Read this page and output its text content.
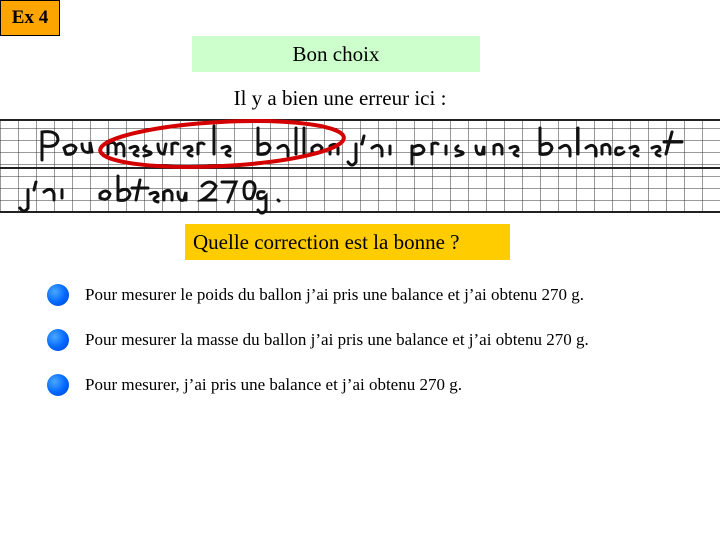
Ex 4
Bon choix
Il y a bien une erreur ici :
Quelle correction est la bonne ?
Pour mesurer le poids du ballon j’ai pris une balance et j’ai obtenu 270 g.
Pour mesurer la masse du ballon j’ai pris une balance et j’ai obtenu 270 g.
Pour mesurer, j’ai pris une balance et j’ai obtenu 270 g.
